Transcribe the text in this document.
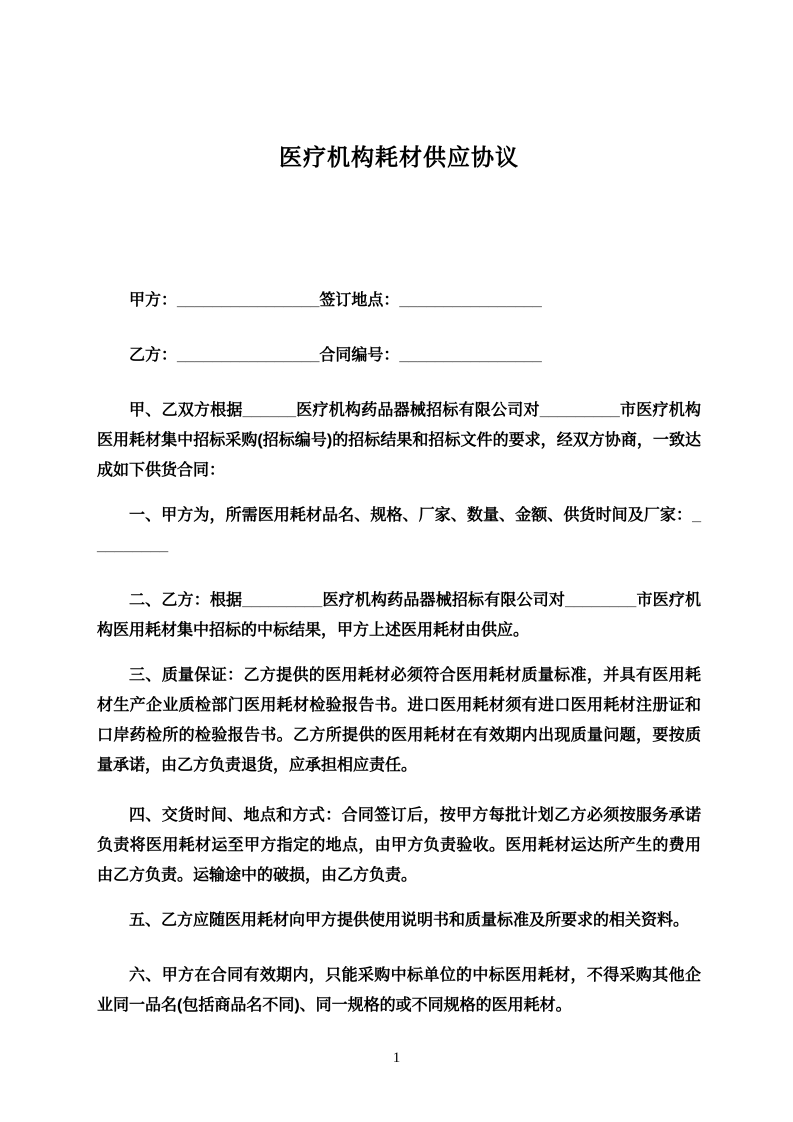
医疗机构耗材供应协议
甲方：________________签订地点：________________
乙方：________________合同编号：________________

甲、乙双方根据______医疗机构药品器械招标有限公司对_________市医疗机构医用耗材集中招标采购(招标编号)的招标结果和招标文件的要求，经双方协商，一致达成如下供货合同：

一、甲方为，所需医用耗材品名、规格、厂家、数量、金额、供货时间及厂家：_________

二、乙方：根据_________医疗机构药品器械招标有限公司对________市医疗机构医用耗材集中招标的中标结果，甲方上述医用耗材由供应。

三、质量保证：乙方提供的医用耗材必须符合医用耗材质量标准，并具有医用耗材生产企业质检部门医用耗材检验报告书。进口医用耗材须有进口医用耗材注册证和口岸药检所的检验报告书。乙方所提供的医用耗材在有效期内出现质量问题，要按质量承诺，由乙方负责退货，应承担相应责任。

四、交货时间、地点和方式：合同签订后，按甲方每批计划乙方必须按服务承诺负责将医用耗材运至甲方指定的地点，由甲方负责验收。医用耗材运达所产生的费用由乙方负责。运输途中的破损，由乙方负责。

五、乙方应随医用耗材向甲方提供使用说明书和质量标准及所要求的相关资料。

六、甲方在合同有效期内，只能采购中标单位的中标医用耗材，不得采购其他企业同一品名(包括商品名不同)、同一规格的或不同规格的医用耗材。

1
